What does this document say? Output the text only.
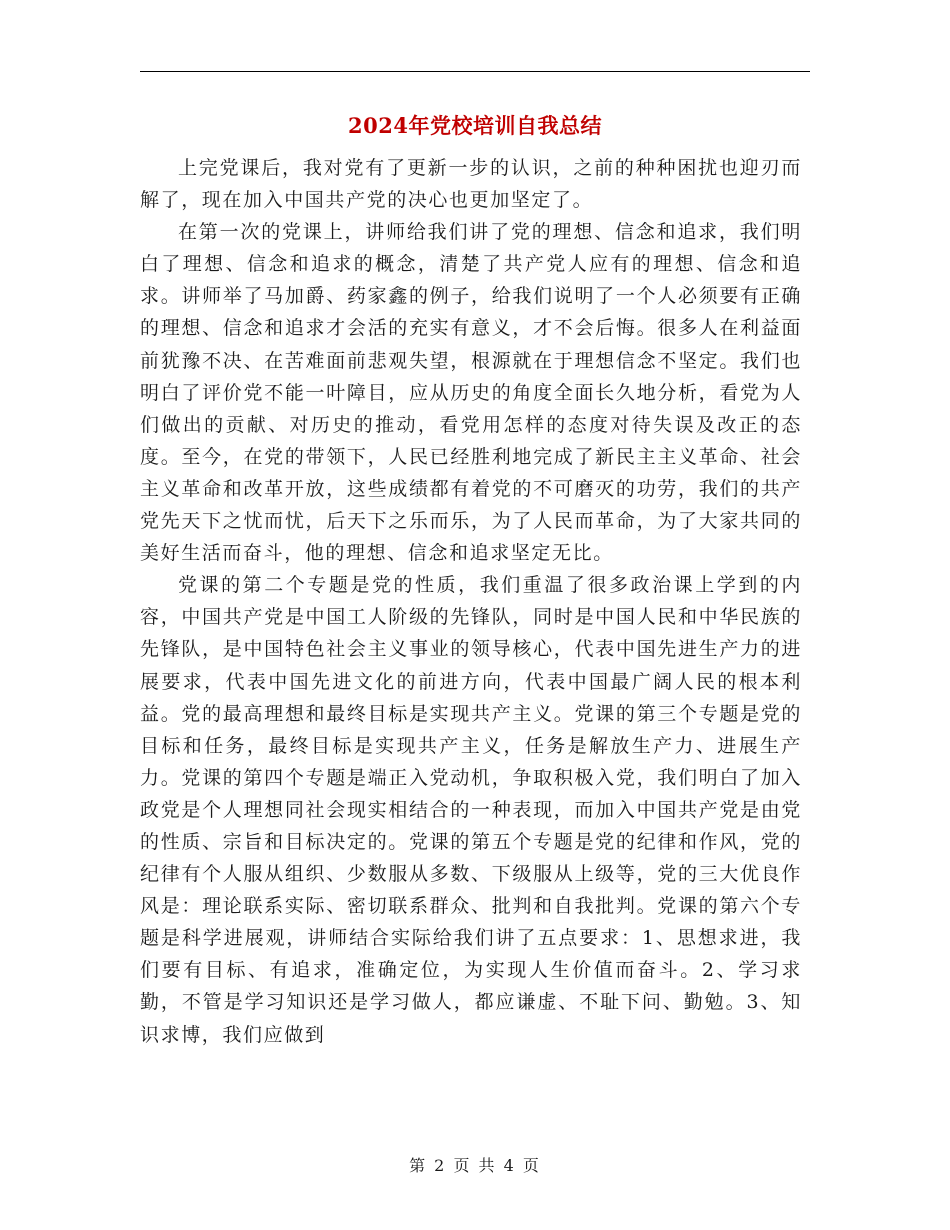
2024年党校培训自我总结

上完党课后，我对党有了更新一步的认识，之前的种种困扰也迎刃而解了，现在加入中国共产党的决心也更加坚定了。

在第一次的党课上，讲师给我们讲了党的理想、信念和追求，我们明白了理想、信念和追求的概念，清楚了共产党人应有的理想、信念和追求。讲师举了马加爵、药家鑫的例子，给我们说明了一个人必须要有正确的理想、信念和追求才会活的充实有意义，才不会后悔。很多人在利益面前犹豫不决、在苦难面前悲观失望，根源就在于理想信念不坚定。我们也明白了评价党不能一叶障目，应从历史的角度全面长久地分析，看党为人们做出的贡献、对历史的推动，看党用怎样的态度对待失误及改正的态度。至今，在党的带领下，人民已经胜利地完成了新民主主义革命、社会主义革命和改革开放，这些成绩都有着党的不可磨灭的功劳，我们的共产党先天下之忧而忧，后天下之乐而乐，为了人民而革命，为了大家共同的美好生活而奋斗，他的理想、信念和追求坚定无比。

党课的第二个专题是党的性质，我们重温了很多政治课上学到的内容，中国共产党是中国工人阶级的先锋队，同时是中国人民和中华民族的先锋队，是中国特色社会主义事业的领导核心，代表中国先进生产力的进展要求，代表中国先进文化的前进方向，代表中国最广阔人民的根本利益。党的最高理想和最终目标是实现共产主义。党课的第三个专题是党的目标和任务，最终目标是实现共产主义，任务是解放生产力、进展生产力。党课的第四个专题是端正入党动机，争取积极入党，我们明白了加入政党是个人理想同社会现实相结合的一种表现，而加入中国共产党是由党的性质、宗旨和目标决定的。党课的第五个专题是党的纪律和作风，党的纪律有个人服从组织、少数服从多数、下级服从上级等，党的三大优良作风是：理论联系实际、密切联系群众、批判和自我批判。党课的第六个专题是科学进展观，讲师结合实际给我们讲了五点要求：1、思想求进，我们要有目标、有追求，准确定位，为实现人生价值而奋斗。2、学习求勤，不管是学习知识还是学习做人，都应谦虚、不耻下问、勤勉。3、知识求博，我们应做到

第 2 页 共 4 页
